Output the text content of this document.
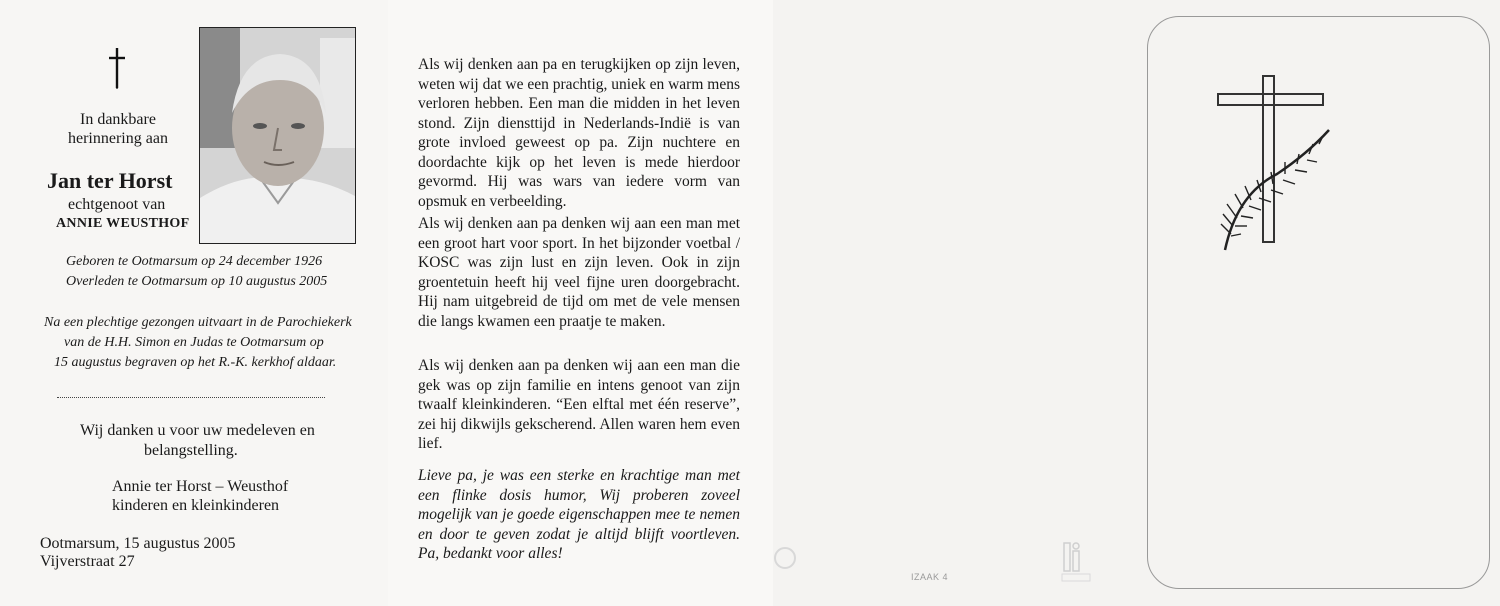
In dankbare
herinnering aan
Jan ter Horst
echtgenoot van
ANNIE WEUSTHOF
Geboren te Ootmarsum op 24 december 1926
Overleden te Ootmarsum op 10 augustus 2005
Na een plechtige gezongen uitvaart in de Parochiekerk
van de H.H. Simon en Judas te Ootmarsum op
15 augustus begraven op het R.-K. kerkhof aldaar.
Wij danken u voor uw medeleven en
belangstelling.
Annie ter Horst – Weusthof
kinderen en kleinkinderen
Ootmarsum, 15 augustus 2005
Vijverstraat 27
Als wij denken aan pa en terugkijken op zijn leven, weten wij dat we een prachtig, uniek en warm mens verloren hebben. Een man die midden in het leven stond. Zijn diensttijd in Nederlands-Indië is van grote invloed geweest op pa. Zijn nuchtere en doordachte kijk op het leven is mede hierdoor gevormd. Hij was wars van iedere vorm van opsmuk en verbeelding.
Als wij denken aan pa denken wij aan een man met een groot hart voor sport. In het bijzonder voetbal / KOSC was zijn lust en zijn leven. Ook in zijn groentetuin heeft hij veel fijne uren doorgebracht. Hij nam uitgebreid de tijd om met de vele mensen die langs kwamen een praatje te maken.
Als wij denken aan pa denken wij aan een man die gek was op zijn familie en intens genoot van zijn twaalf kleinkinderen. “Een elftal met één reserve”, zei hij dikwijls gekscherend. Allen waren hem even lief.
Lieve pa, je was een sterke en krachtige man met een flinke dosis humor, Wij proberen zoveel mogelijk van je goede eigenschappen mee te nemen en door te geven zodat je altijd blijft voortleven. Pa, bedankt voor alles!
IZAAK 4
